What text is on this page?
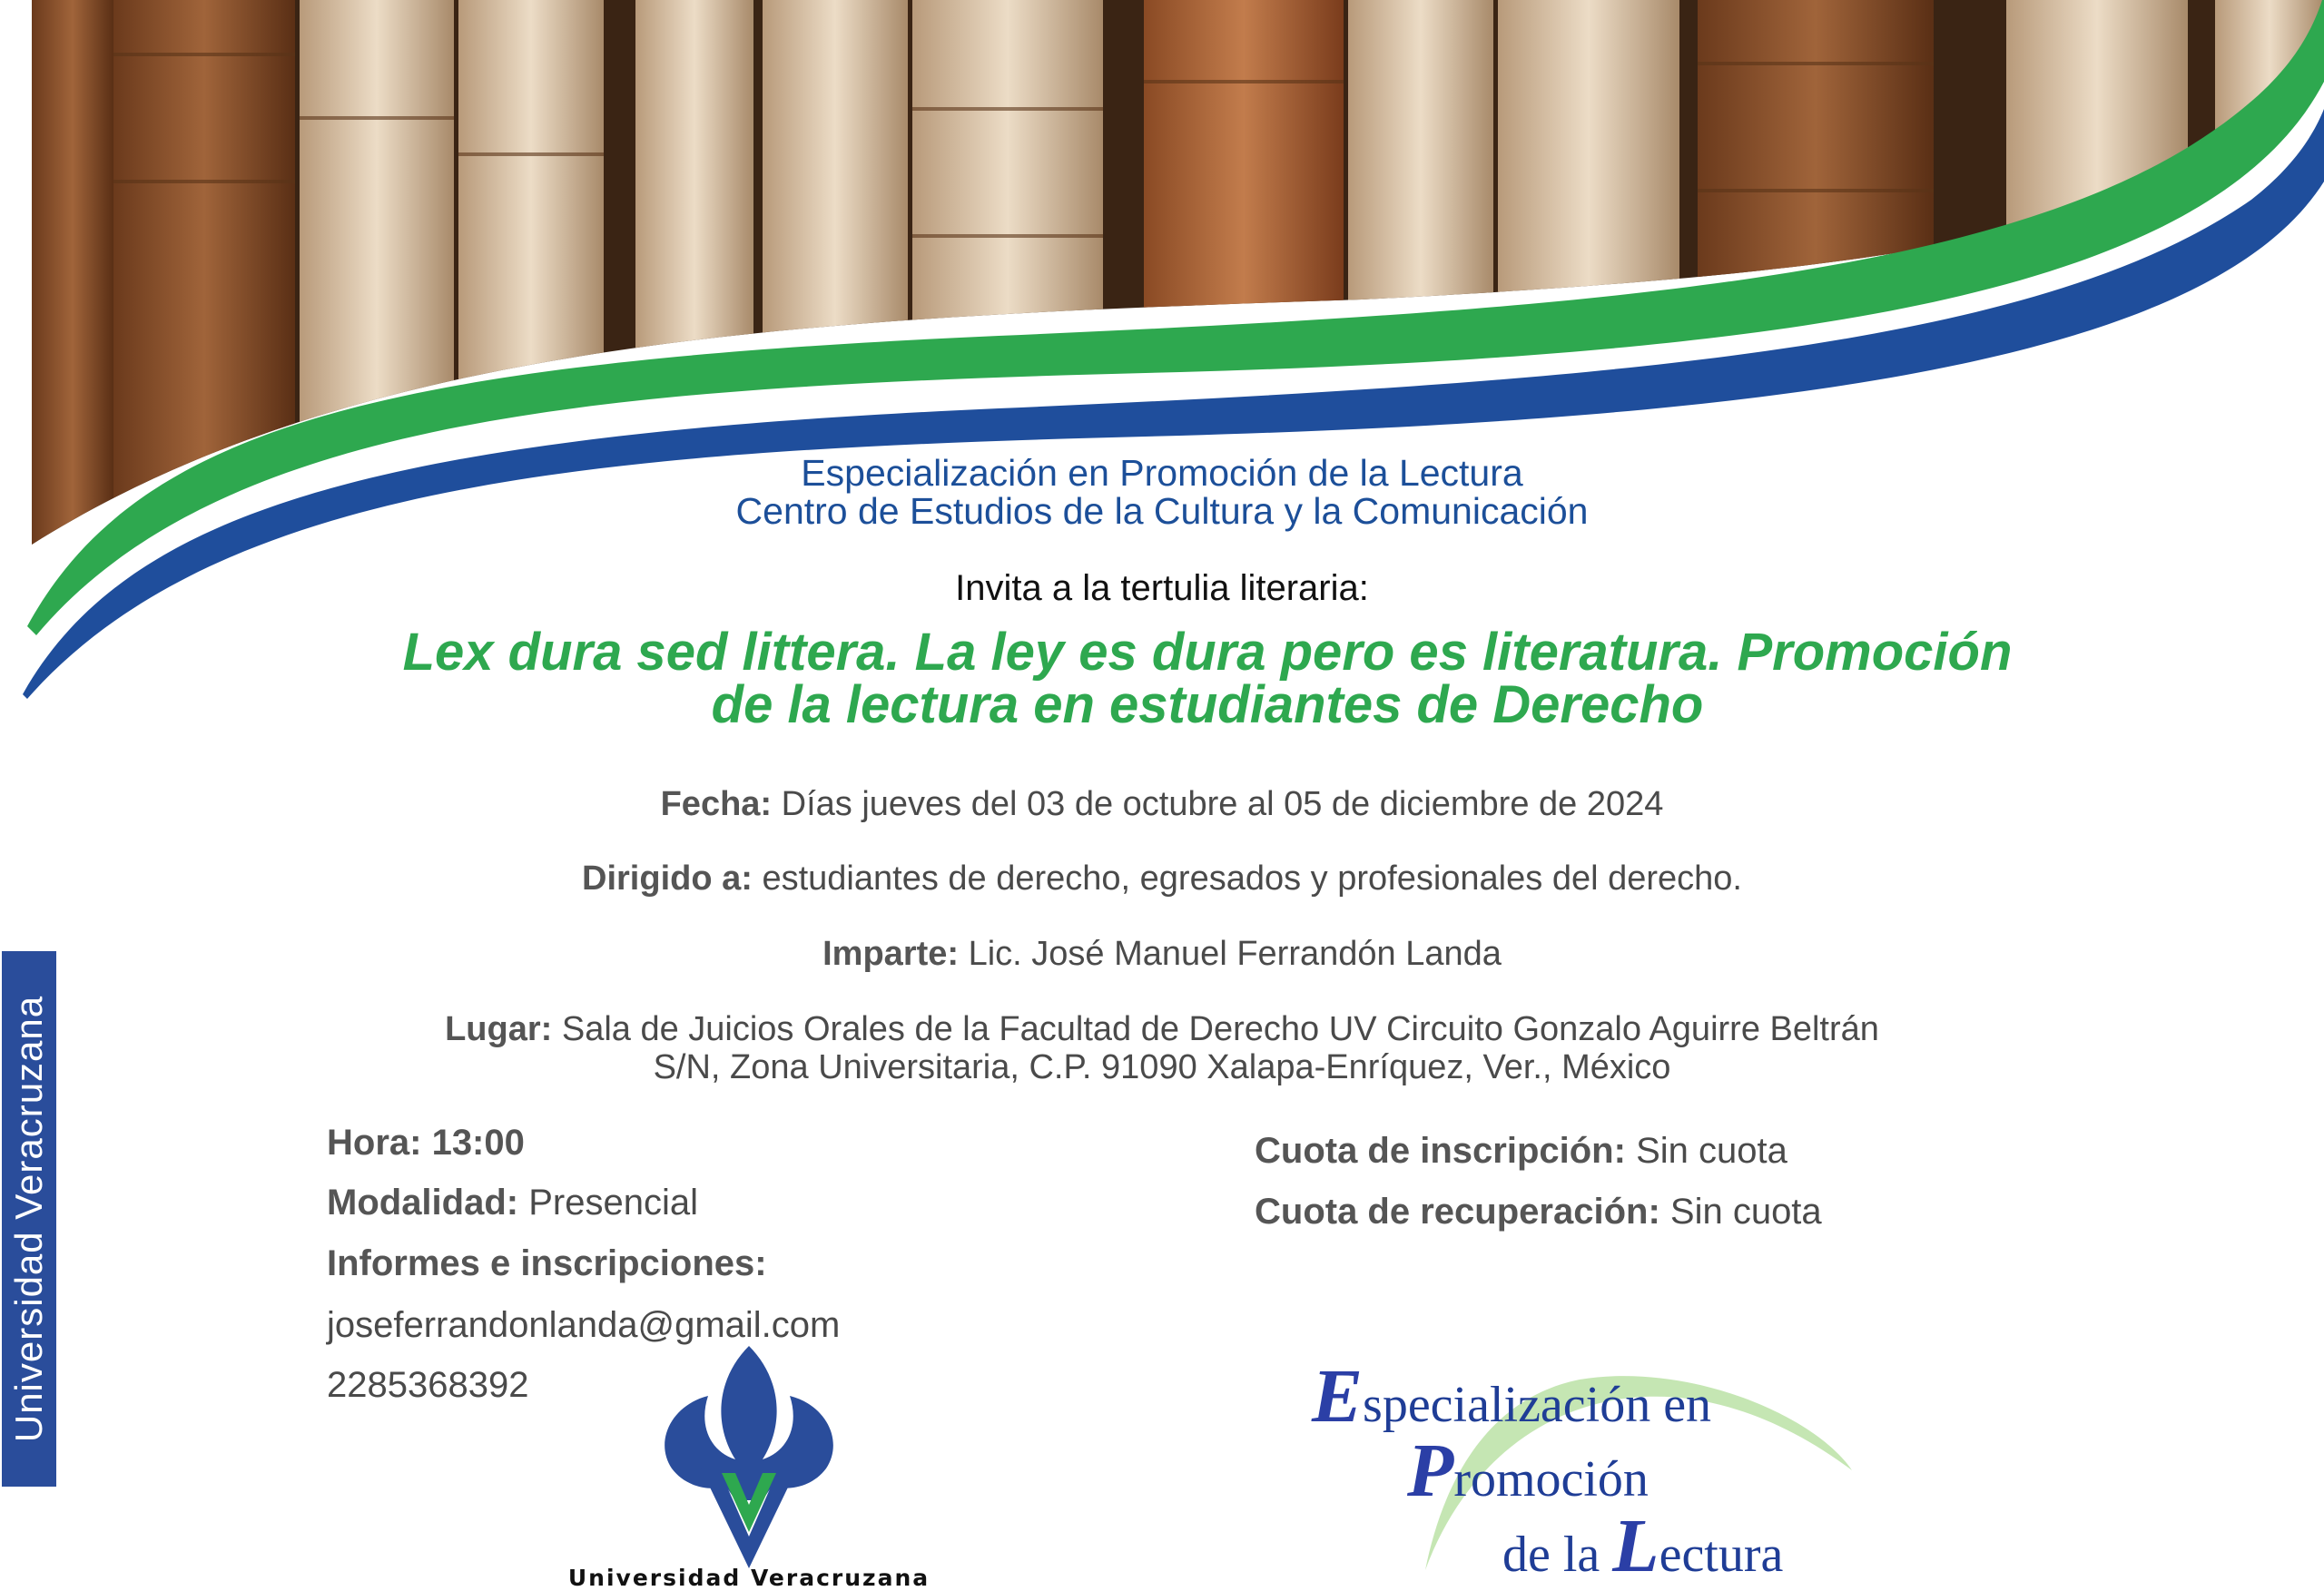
Especialización en Promoción de la Lectura
Centro de Estudios de la Cultura y la Comunicación
Invita a la tertulia literaria:
Lex dura sed littera. La ley es dura pero es literatura. Promoción
de la lectura en estudiantes de Derecho
Fecha: Días jueves del 03 de octubre al 05 de diciembre de 2024
Dirigido a: estudiantes de derecho, egresados y profesionales del derecho.
Imparte: Lic. José Manuel Ferrandón Landa
Lugar: Sala de Juicios Orales de la Facultad de Derecho UV Circuito Gonzalo Aguirre Beltrán
S/N, Zona Universitaria, C.P. 91090 Xalapa-Enríquez, Ver., México
Hora: 13:00
Modalidad: Presencial
Informes e inscripciones:
joseferrandonlanda@gmail.com
2285368392
Cuota de inscripción: Sin cuota
Cuota de recuperación: Sin cuota
Universidad Veracruzana
Universidad Veracruzana
Especialización en
Promoción
de la Lectura
